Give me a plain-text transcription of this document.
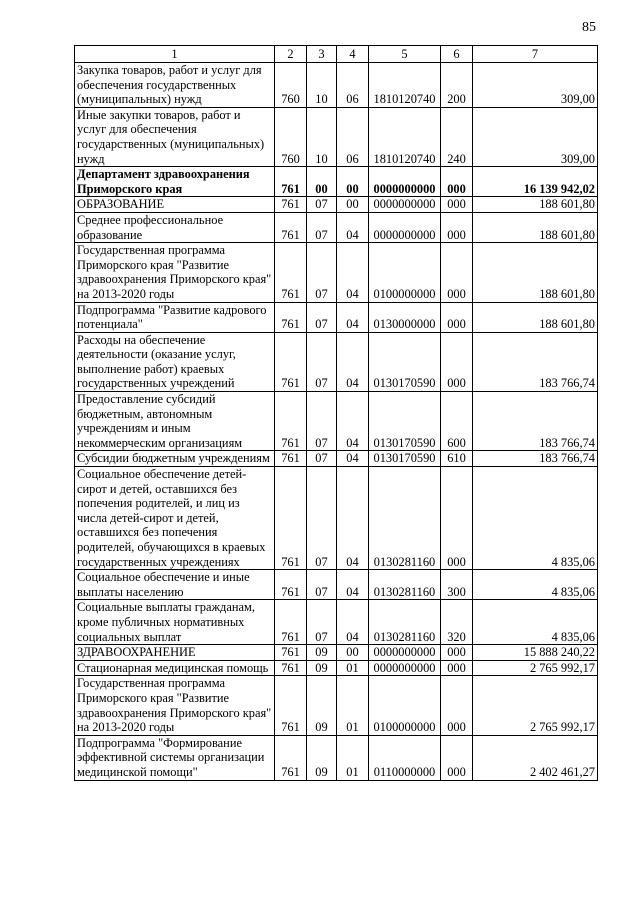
85
1	2	3	4	5	6	7
Закупка товаров, работ и услуг для обеспечения государственных (муниципальных) нужд	760	10	06	1810120740	200	309,00
Иные закупки товаров, работ и услуг для обеспечения государственных (муниципальных) нужд	760	10	06	1810120740	240	309,00
Департамент здравоохранения Приморского края	761	00	00	0000000000	000	16 139 942,02
ОБРАЗОВАНИЕ	761	07	00	0000000000	000	188 601,80
Среднее профессиональное образование	761	07	04	0000000000	000	188 601,80
Государственная программа Приморского края "Развитие здравоохранения Приморского края" на 2013-2020 годы	761	07	04	0100000000	000	188 601,80
Подпрограмма "Развитие кадрового потенциала"	761	07	04	0130000000	000	188 601,80
Расходы на обеспечение деятельности (оказание услуг, выполнение работ) краевых государственных учреждений	761	07	04	0130170590	000	183 766,74
Предоставление субсидий бюджетным, автономным учреждениям и иным некоммерческим организациям	761	07	04	0130170590	600	183 766,74
Субсидии бюджетным учреждениям	761	07	04	0130170590	610	183 766,74
Социальное обеспечение детей-сирот и детей, оставшихся без попечения родителей, и лиц из числа детей-сирот и детей, оставшихся без попечения родителей, обучающихся в краевых государственных учреждениях	761	07	04	0130281160	000	4 835,06
Социальное обеспечение и иные выплаты населению	761	07	04	0130281160	300	4 835,06
Социальные выплаты гражданам, кроме публичных нормативных социальных выплат	761	07	04	0130281160	320	4 835,06
ЗДРАВООХРАНЕНИЕ	761	09	00	0000000000	000	15 888 240,22
Стационарная медицинская помощь	761	09	01	0000000000	000	2 765 992,17
Государственная программа Приморского края "Развитие здравоохранения Приморского края" на 2013-2020 годы	761	09	01	0100000000	000	2 765 992,17
Подпрограмма "Формирование эффективной системы организации медицинской помощи"	761	09	01	0110000000	000	2 402 461,27
